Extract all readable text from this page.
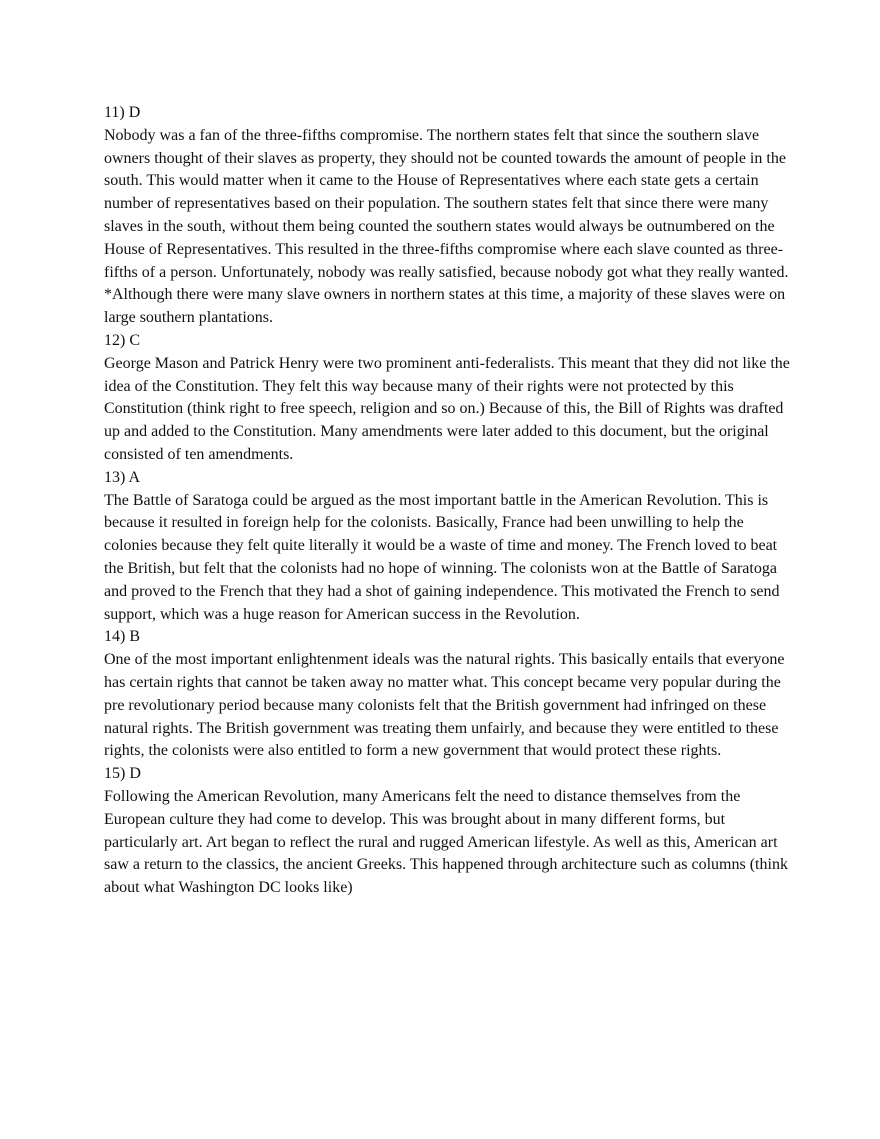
11) D

Nobody was a fan of the three-fifths compromise. The northern states felt that since the southern slave owners thought of their slaves as property, they should not be counted towards the amount of people in the south. This would matter when it came to the House of Representatives where each state gets a certain number of representatives based on their population. The southern states felt that since there were many slaves in the south, without them being counted the southern states would always be outnumbered on the House of Representatives. This resulted in the three-fifths compromise where each slave counted as three-fifths of a person. Unfortunately, nobody was really satisfied, because nobody got what they really wanted.

*Although there were many slave owners in northern states at this time, a majority of these slaves were on large southern plantations.

12) C

George Mason and Patrick Henry were two prominent anti-federalists. This meant that they did not like the idea of the Constitution. They felt this way because many of their rights were not protected by this Constitution (think right to free speech, religion and so on.) Because of this, the Bill of Rights was drafted up and added to the Constitution. Many amendments were later added to this document, but the original consisted of ten amendments.

13) A

The Battle of Saratoga could be argued as the most important battle in the American Revolution. This is because it resulted in foreign help for the colonists. Basically, France had been unwilling to help the colonies because they felt quite literally it would be a waste of time and money. The French loved to beat the British, but felt that the colonists had no hope of winning. The colonists won at the Battle of Saratoga and proved to the French that they had a shot of gaining independence. This motivated the French to send support, which was a huge reason for American success in the Revolution.

14) B

One of the most important enlightenment ideals was the natural rights. This basically entails that everyone has certain rights that cannot be taken away no matter what. This concept became very popular during the pre revolutionary period because many colonists felt that the British government had infringed on these natural rights. The British government was treating them unfairly, and because they were entitled to these rights, the colonists were also entitled to form a new government that would protect these rights.

15) D

Following the American Revolution, many Americans felt the need to distance themselves from the European culture they had come to develop. This was brought about in many different forms, but particularly art. Art began to reflect the rural and rugged American lifestyle. As well as this, American art saw a return to the classics, the ancient Greeks. This happened through architecture such as columns (think about what Washington DC looks like)
